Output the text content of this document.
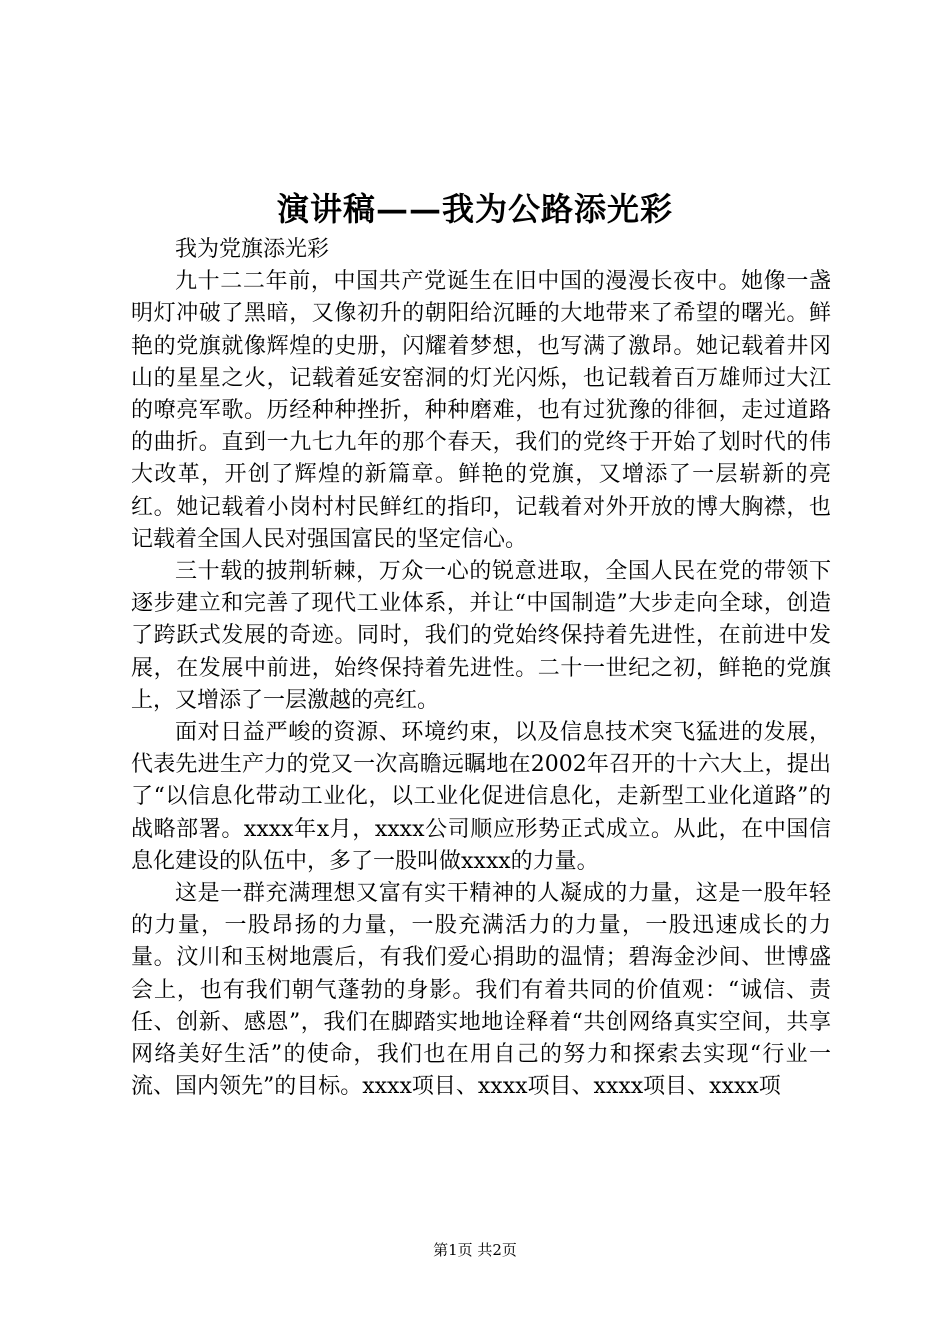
演讲稿——我为公路添光彩

我为党旗添光彩

九十二二年前，中国共产党诞生在旧中国的漫漫长夜中。她像一盏明灯冲破了黑暗，又像初升的朝阳给沉睡的大地带来了希望的曙光。鲜艳的党旗就像辉煌的史册，闪耀着梦想，也写满了激昂。她记载着井冈山的星星之火，记载着延安窑洞的灯光闪烁，也记载着百万雄师过大江的嘹亮军歌。历经种种挫折，种种磨难，也有过犹豫的徘徊，走过道路的曲折。直到一九七九年的那个春天，我们的党终于开始了划时代的伟大改革，开创了辉煌的新篇章。鲜艳的党旗，又增添了一层崭新的亮红。她记载着小岗村村民鲜红的指印，记载着对外开放的博大胸襟，也记载着全国人民对强国富民的坚定信心。

三十载的披荆斩棘，万众一心的锐意进取，全国人民在党的带领下逐步建立和完善了现代工业体系，并让“中国制造”大步走向全球，创造了跨跃式发展的奇迹。同时，我们的党始终保持着先进性，在前进中发展，在发展中前进，始终保持着先进性。二十一世纪之初，鲜艳的党旗上，又增添了一层激越的亮红。

面对日益严峻的资源、环境约束，以及信息技术突飞猛进的发展，代表先进生产力的党又一次高瞻远瞩地在2002年召开的十六大上，提出了“以信息化带动工业化，以工业化促进信息化，走新型工业化道路”的战略部署。xxxx年x月，xxxx公司顺应形势正式成立。从此，在中国信息化建设的队伍中，多了一股叫做xxxx的力量。

这是一群充满理想又富有实干精神的人凝成的力量，这是一股年轻的力量，一股昂扬的力量，一股充满活力的力量，一股迅速成长的力量。汶川和玉树地震后，有我们爱心捐助的温情；碧海金沙间、世博盛会上，也有我们朝气蓬勃的身影。我们有着共同的价值观：“诚信、责任、创新、感恩”，我们在脚踏实地地诠释着“共创网络真实空间，共享网络美好生活”的使命，我们也在用自己的努力和探索去实现“行业一流、国内领先”的目标。xxxx项目、xxxx项目、xxxx项目、xxxx项

第1页 共2页
